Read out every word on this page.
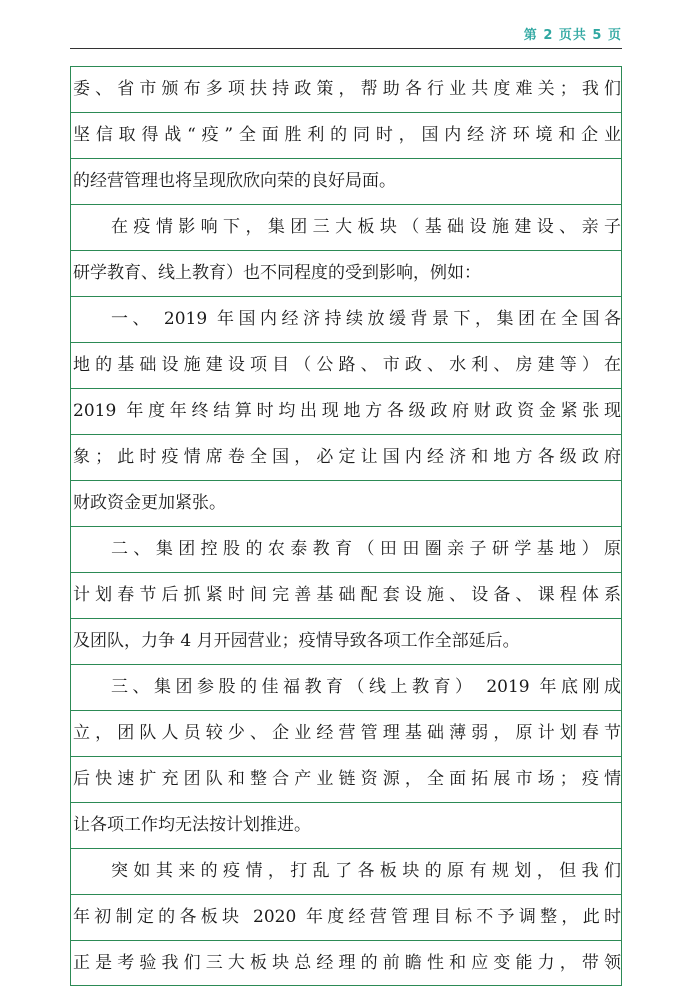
第 2 页共 5 页
委、省市颁布多项扶持政策，帮助各行业共度难关；我们
坚信取得战“疫”全面胜利的同时，国内经济环境和企业
的经营管理也将呈现欣欣向荣的良好局面。
在疫情影响下，集团三大板块（基础设施建设、亲子
研学教育、线上教育）也不同程度的受到影响，例如：
一、 2019 年国内经济持续放缓背景下，集团在全国各
地的基础设施建设项目（公路、市政、水利、房建等）在
2019 年度年终结算时均出现地方各级政府财政资金紧张现
象；此时疫情席卷全国，必定让国内经济和地方各级政府
财政资金更加紧张。
二、集团控股的农泰教育（田田圈亲子研学基地）原
计划春节后抓紧时间完善基础配套设施、设备、课程体系
及团队，力争 4 月开园营业；疫情导致各项工作全部延后。
三、集团参股的佳福教育（线上教育） 2019 年底刚成
立，团队人员较少、企业经营管理基础薄弱，原计划春节
后快速扩充团队和整合产业链资源，全面拓展市场；疫情
让各项工作均无法按计划推进。
突如其来的疫情，打乱了各板块的原有规划，但我们
年初制定的各板块 2020 年度经营管理目标不予调整，此时
正是考验我们三大板块总经理的前瞻性和应变能力，带领
